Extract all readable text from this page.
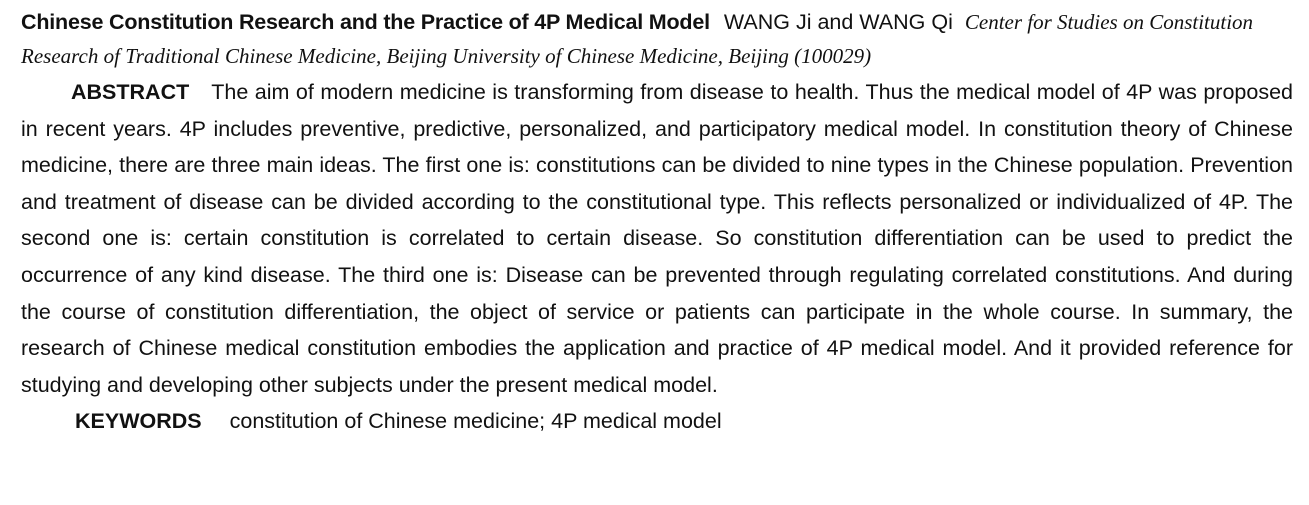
Chinese Constitution Research and the Practice of 4P Medical Model WANG Ji and WANG Qi Center for Studies on Constitution Research of Traditional Chinese Medicine, Beijing University of Chinese Medicine, Beijing (100029)

ABSTRACT The aim of modern medicine is transforming from disease to health. Thus the medical model of 4P was proposed in recent years. 4P includes preventive, predictive, personalized, and participatory medical model. In constitution theory of Chinese medicine, there are three main ideas. The first one is: constitutions can be divided to nine types in the Chinese population. Prevention and treatment of disease can be divided according to the constitutional type. This reflects personalized or individualized of 4P. The second one is: certain constitution is correlated to certain disease. So constitution differentiation can be used to predict the occurrence of any kind disease. The third one is: Disease can be prevented through regulating correlated constitutions. And during the course of constitution differentiation, the object of service or patients can participate in the whole course. In summary, the research of Chinese medical constitution embodies the application and practice of 4P medical model. And it provided reference for studying and developing other subjects under the present medical model.

KEYWORDS constitution of Chinese medicine; 4P medical model
